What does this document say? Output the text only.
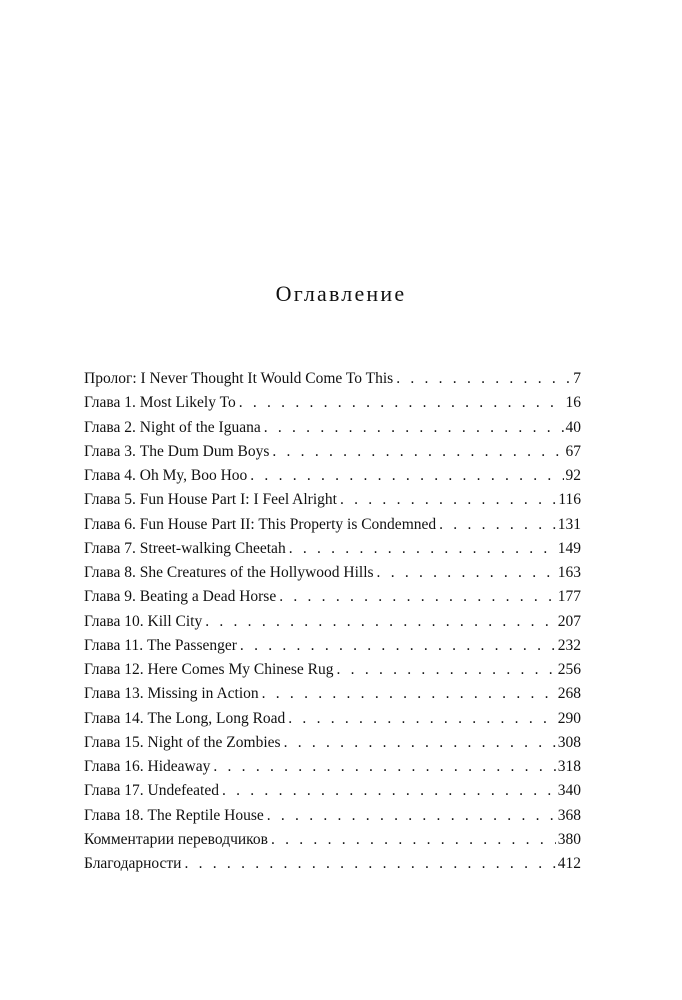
Оглавление
Пролог: I Never Thought It Would Come To This . . .	7
Глава 1. Most Likely To . . .	16
Глава 2. Night of the Iguana . . .	40
Глава 3. The Dum Dum Boys . . .	67
Глава 4. Oh My, Boo Hoo . . .	92
Глава 5. Fun House Part I: I Feel Alright . . .	116
Глава 6. Fun House Part II: This Property is Condemned . . .	131
Глава 7. Street-walking Cheetah . . .	149
Глава 8. She Creatures of the Hollywood Hills . . .	163
Глава 9. Beating a Dead Horse . . .	177
Глава 10. Kill City . . .	207
Глава 11. The Passenger . . .	232
Глава 12. Here Comes My Chinese Rug . . .	256
Глава 13. Missing in Action . . .	268
Глава 14. The Long, Long Road . . .	290
Глава 15. Night of the Zombies . . .	308
Глава 16. Hideaway . . .	318
Глава 17. Undefeated . . .	340
Глава 18. The Reptile House . . .	368
Комментарии переводчиков . . .	380
Благодарности . . .	412
